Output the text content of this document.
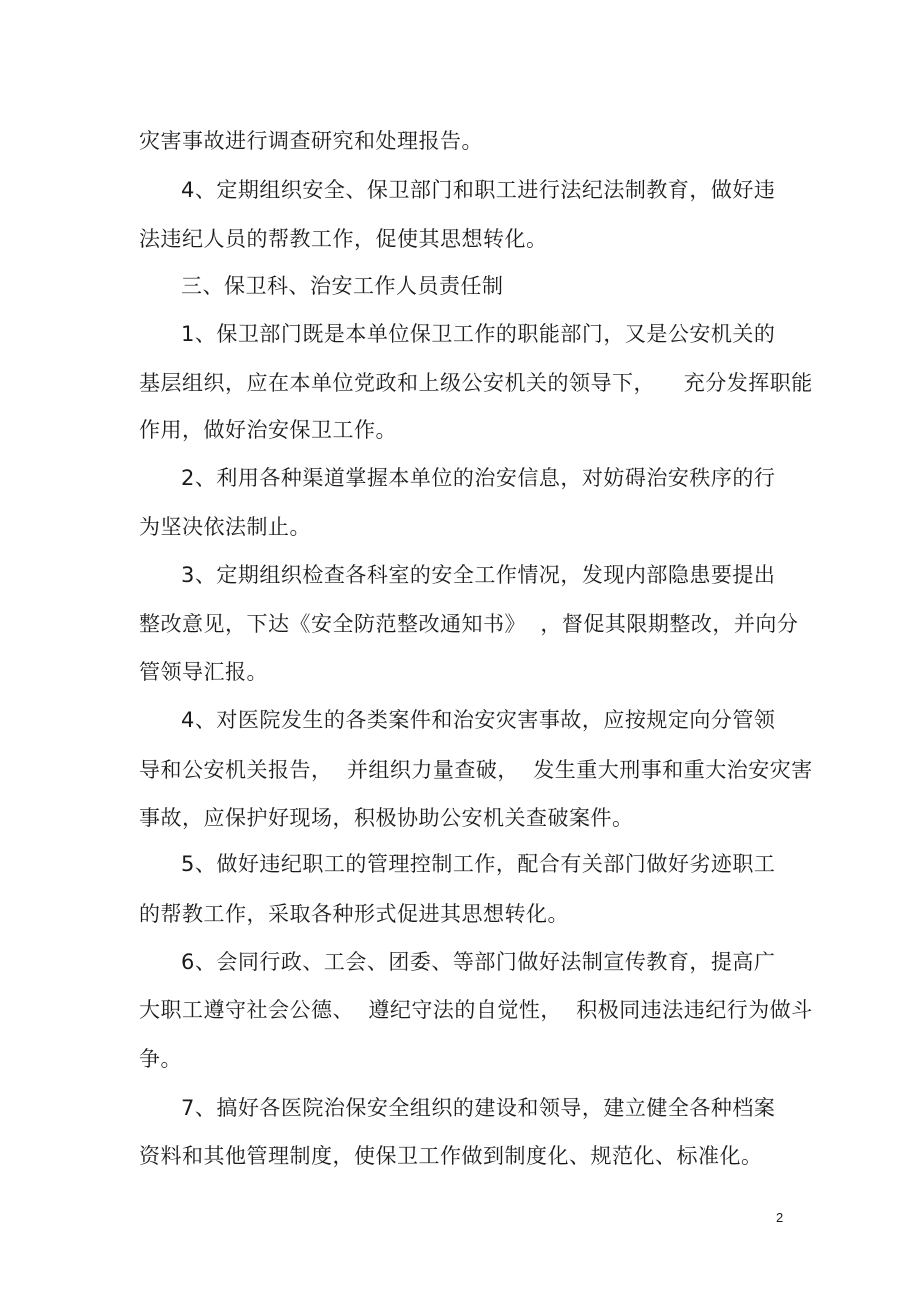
灾害事故进行调查研究和处理报告。
4、定期组织安全、保卫部门和职工进行法纪法制教育，做好违
法违纪人员的帮教工作，促使其思想转化。
三、保卫科、治安工作人员责任制
1、保卫部门既是本单位保卫工作的职能部门，又是公安机关的
基层组织，应在本单位党政和上级公安机关的领导下，    充分发挥职能
作用，做好治安保卫工作。
2、利用各种渠道掌握本单位的治安信息，对妨碍治安秩序的行
为坚决依法制止。
3、定期组织检查各科室的安全工作情况，发现内部隐患要提出
整改意见，下达《安全防范整改通知书》  ，督促其限期整改，并向分
管领导汇报。
4、对医院发生的各类案件和治安灾害事故，应按规定向分管领
导和公安机关报告，  并组织力量查破，  发生重大刑事和重大治安灾害
事故，应保护好现场，积极协助公安机关查破案件。
5、做好违纪职工的管理控制工作，配合有关部门做好劣迹职工
的帮教工作，采取各种形式促进其思想转化。
6、会同行政、工会、团委、等部门做好法制宣传教育，提高广
大职工遵守社会公德、  遵纪守法的自觉性，  积极同违法违纪行为做斗
争。
7、搞好各医院治保安全组织的建设和领导，建立健全各种档案
资料和其他管理制度，使保卫工作做到制度化、规范化、标准化。
2
